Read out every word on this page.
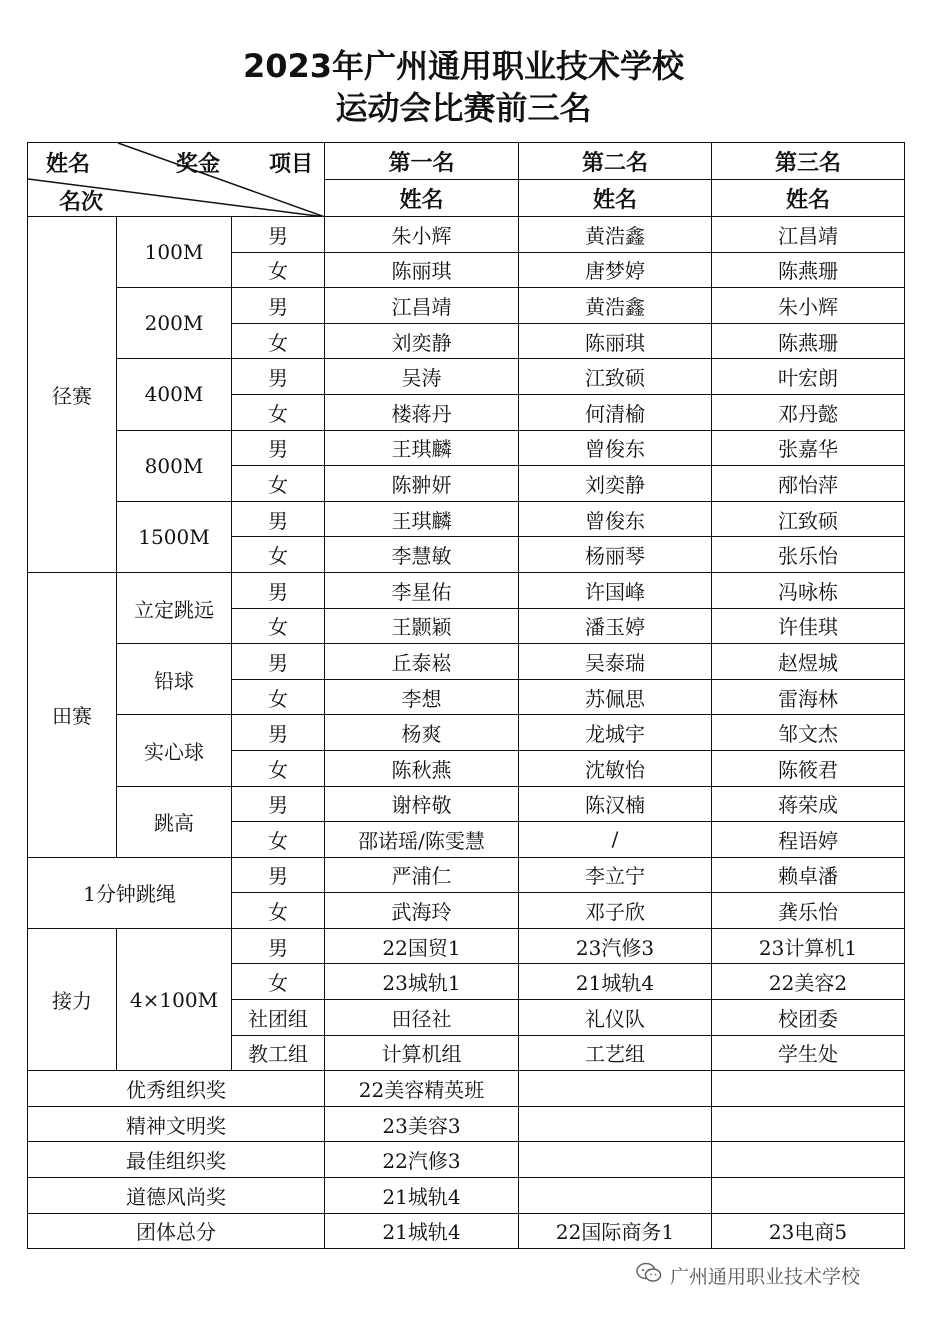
2023年广州通用职业技术学校
运动会比赛前三名
姓名 奖金 项目
名次			第一名	第二名	第三名
			姓名	姓名	姓名
径赛	100M	男	朱小辉	黄浩鑫	江昌靖
		女	陈丽琪	唐梦婷	陈燕珊
	200M	男	江昌靖	黄浩鑫	朱小辉
		女	刘奕静	陈丽琪	陈燕珊
	400M	男	吴涛	江致硕	叶宏朗
		女	楼蒋丹	何清榆	邓丹懿
	800M	男	王琪麟	曾俊东	张嘉华
		女	陈翀妍	刘奕静	邴怡萍
	1500M	男	王琪麟	曾俊东	江致硕
		女	李慧敏	杨丽琴	张乐怡
田赛	立定跳远	男	李星佑	许国峰	冯咏栋
		女	王颢颖	潘玉婷	许佳琪
	铅球	男	丘泰崧	吴泰瑞	赵煜城
		女	李想	苏佩思	雷海林
	实心球	男	杨爽	龙城宇	邹文杰
		女	陈秋燕	沈敏怡	陈筱君
	跳高	男	谢梓敬	陈汉楠	蒋荣成
		女	邵诺瑶/陈雯慧	/	程语婷
1分钟跳绳		男	严浦仁	李立宁	赖卓潘
		女	武海玲	邓子欣	龚乐怡
接力	4×100M	男	22国贸1	23汽修3	23计算机1
		女	23城轨1	21城轨4	22美容2
		社团组	田径社	礼仪队	校团委
		教工组	计算机组	工艺组	学生处
优秀组织奖			22美容精英班		
精神文明奖			23美容3		
最佳组织奖			22汽修3		
道德风尚奖			21城轨4		
团体总分			21城轨4	22国际商务1	23电商5
广州通用职业技术学校
